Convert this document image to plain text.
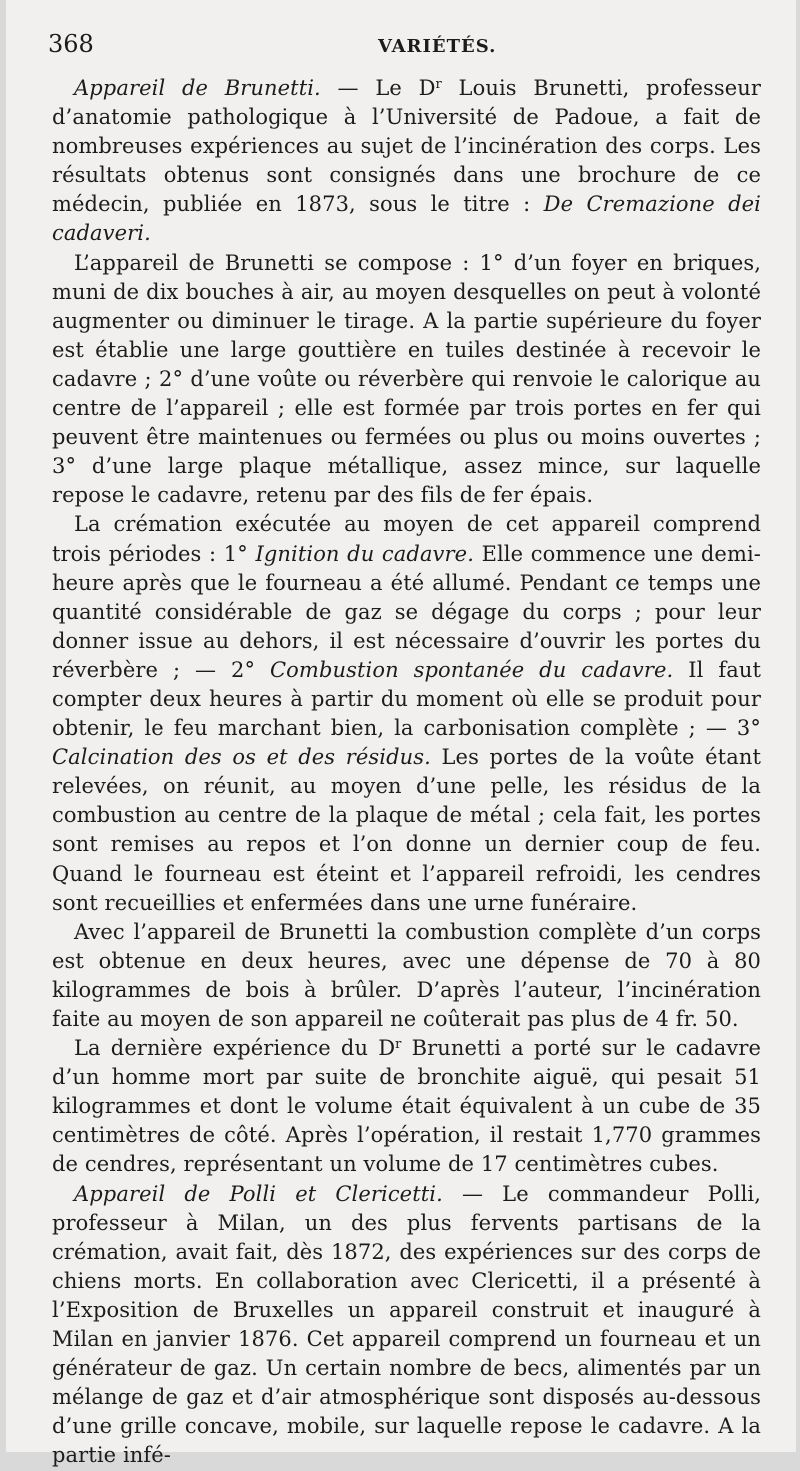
368	VARIÉTÉS.

Appareil de Brunetti. — Le $D^r$ Louis Brunetti, professeur d’anatomie pathologique à l’Université de Padoue, a fait de nombreuses expériences au sujet de l’incinération des corps. Les résultats obtenus sont consignés dans une brochure de ce médecin, publiée en 1873, sous le titre : De Cremazione dei cadaveri.

L’appareil de Brunetti se compose : 1° d’un foyer en briques, muni de dix bouches à air, au moyen desquelles on peut à volonté augmenter ou diminuer le tirage. A la partie supérieure du foyer est établie une large gouttière en tuiles destinée à recevoir le cadavre ; 2° d’une voûte ou réverbère qui renvoie le calorique au centre de l’appareil ; elle est formée par trois portes en fer qui peuvent être maintenues ou fermées ou plus ou moins ouvertes ; 3° d’une large plaque métallique, assez mince, sur laquelle repose le cadavre, retenu par des fils de fer épais.

La crémation exécutée au moyen de cet appareil comprend trois périodes : 1° Ignition du cadavre. Elle commence une demi-heure après que le fourneau a été allumé. Pendant ce temps une quantité considérable de gaz se dégage du corps ; pour leur donner issue au dehors, il est nécessaire d’ouvrir les portes du réverbère ; — 2° Combustion spontanée du cadavre. Il faut compter deux heures à partir du moment où elle se produit pour obtenir, le feu marchant bien, la carbonisation complète ; — 3° Calcination des os et des résidus. Les portes de la voûte étant relevées, on réunit, au moyen d’une pelle, les résidus de la combustion au centre de la plaque de métal ; cela fait, les portes sont remises au repos et l’on donne un dernier coup de feu. Quand le fourneau est éteint et l’appareil refroidi, les cendres sont recueillies et enfermées dans une urne funéraire.

Avec l’appareil de Brunetti la combustion complète d’un corps est obtenue en deux heures, avec une dépense de 70 à 80 kilogrammes de bois à brûler. D’après l’auteur, l’incinération faite au moyen de son appareil ne coûterait pas plus de 4 fr. 50.

La dernière expérience du $D^r$ Brunetti a porté sur le cadavre d’un homme mort par suite de bronchite aiguë, qui pesait 51 kilogrammes et dont le volume était équivalent à un cube de 35 centimètres de côté. Après l’opération, il restait 1,770 grammes de cendres, représentant un volume de 17 centimètres cubes.

Appareil de Polli et Clericetti. — Le commandeur Polli, professeur à Milan, un des plus fervents partisans de la crémation, avait fait, dès 1872, des expériences sur des corps de chiens morts. En collaboration avec Clericetti, il a présenté à l’Exposition de Bruxelles un appareil construit et inauguré à Milan en janvier 1876. Cet appareil comprend un fourneau et un générateur de gaz. Un certain nombre de becs, alimentés par un mélange de gaz et d’air atmosphérique sont disposés au-dessous d’une grille concave, mobile, sur laquelle repose le cadavre. A la partie infé-
